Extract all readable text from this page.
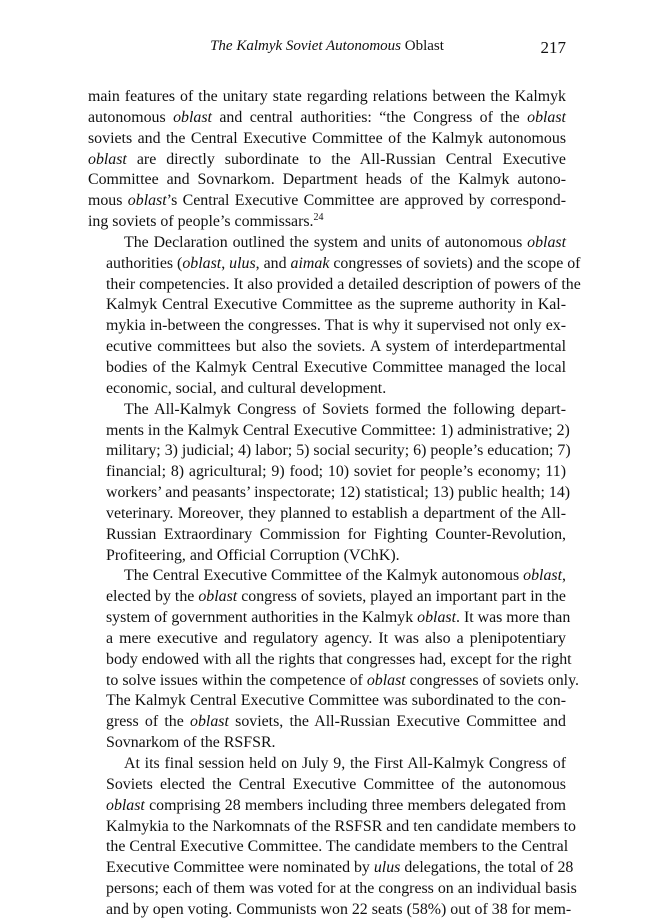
The Kalmyk Soviet Autonomous Oblast	217

main features of the unitary state regarding relations between the Kalmyk
autonomous oblast and central authorities: “the Congress of the oblast
soviets and the Central Executive Committee of the Kalmyk autonomous
oblast are directly subordinate to the All-Russian Central Executive
Committee and Sovnarkom. Department heads of the Kalmyk autono-
mous oblast’s Central Executive Committee are approved by correspond-
ing soviets of people’s commissars.$^{24}$

The Declaration outlined the system and units of autonomous oblast
authorities (oblast, ulus, and aimak congresses of soviets) and the scope of
their competencies. It also provided a detailed description of powers of the
Kalmyk Central Executive Committee as the supreme authority in Kal-
mykia in-between the congresses. That is why it supervised not only ex-
ecutive committees but also the soviets. A system of interdepartmental
bodies of the Kalmyk Central Executive Committee managed the local
economic, social, and cultural development.

The All-Kalmyk Congress of Soviets formed the following depart-
ments in the Kalmyk Central Executive Committee: 1) administrative; 2)
military; 3) judicial; 4) labor; 5) social security; 6) people’s education; 7)
financial; 8) agricultural; 9) food; 10) soviet for people’s economy; 11)
workers’ and peasants’ inspectorate; 12) statistical; 13) public health; 14)
veterinary. Moreover, they planned to establish a department of the All-
Russian Extraordinary Commission for Fighting Counter-Revolution,
Profiteering, and Official Corruption (VChK).

The Central Executive Committee of the Kalmyk autonomous oblast,
elected by the oblast congress of soviets, played an important part in the
system of government authorities in the Kalmyk oblast. It was more than
a mere executive and regulatory agency. It was also a plenipotentiary
body endowed with all the rights that congresses had, except for the right
to solve issues within the competence of oblast congresses of soviets only.
The Kalmyk Central Executive Committee was subordinated to the con-
gress of the oblast soviets, the All-Russian Executive Committee and
Sovnarkom of the RSFSR.

At its final session held on July 9, the First All-Kalmyk Congress of
Soviets elected the Central Executive Committee of the autonomous
oblast comprising 28 members including three members delegated from
Kalmykia to the Narkomnats of the RSFSR and ten candidate members to
the Central Executive Committee. The candidate members to the Central
Executive Committee were nominated by ulus delegations, the total of 28
persons; each of them was voted for at the congress on an individual basis
and by open voting. Communists won 22 seats (58%) out of 38 for mem-
